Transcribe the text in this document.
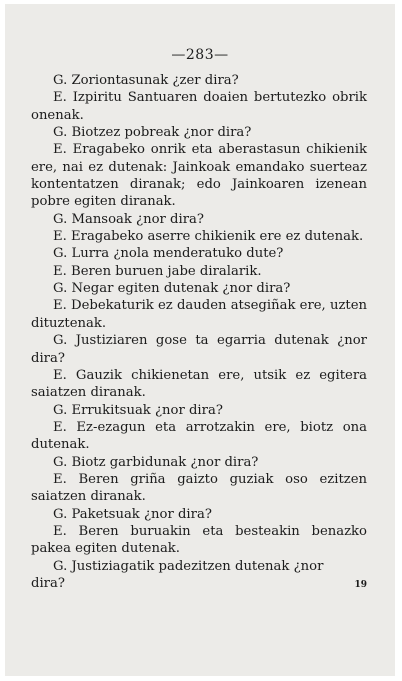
—283—

G. Zoriontasunak ¿zer dira?

E. Izpiritu Santuaren doaien bertutezko obrik onenak.

G. Biotzez pobreak ¿nor dira?

E. Eragabeko onrik eta aberastasun chikienik ere, nai ez dutenak: Jainkoak emandako suerteaz kontentatzen diranak; edo Jainkoaren izenean pobre egiten diranak.

G. Mansoak ¿nor dira?

E. Eragabeko aserre chikienik ere ez dutenak.

G. Lurra ¿nola menderatuko dute?

E. Beren buruen jabe diralarik.

G. Negar egiten dutenak ¿nor dira?

E. Debekaturik ez dauden atsegiñak ere, uzten dituztenak.

G. Justiziaren gose ta egarria dutenak ¿nor dira?

E. Gauzik chikienetan ere, utsik ez egitera saiatzen diranak.

G. Errukitsuak ¿nor dira?

E. Ez-ezagun eta arrotzakin ere, biotz ona dutenak.

G. Biotz garbidunak ¿nor dira?

E. Beren griña gaizto guziak oso ezitzen saiatzen diranak.

G. Paketsuak ¿nor dira?

E. Beren buruakin eta besteakin benazko pakea egiten dutenak.

G. Justiziagatik padezitzen dutenak ¿nor

dira?	19
